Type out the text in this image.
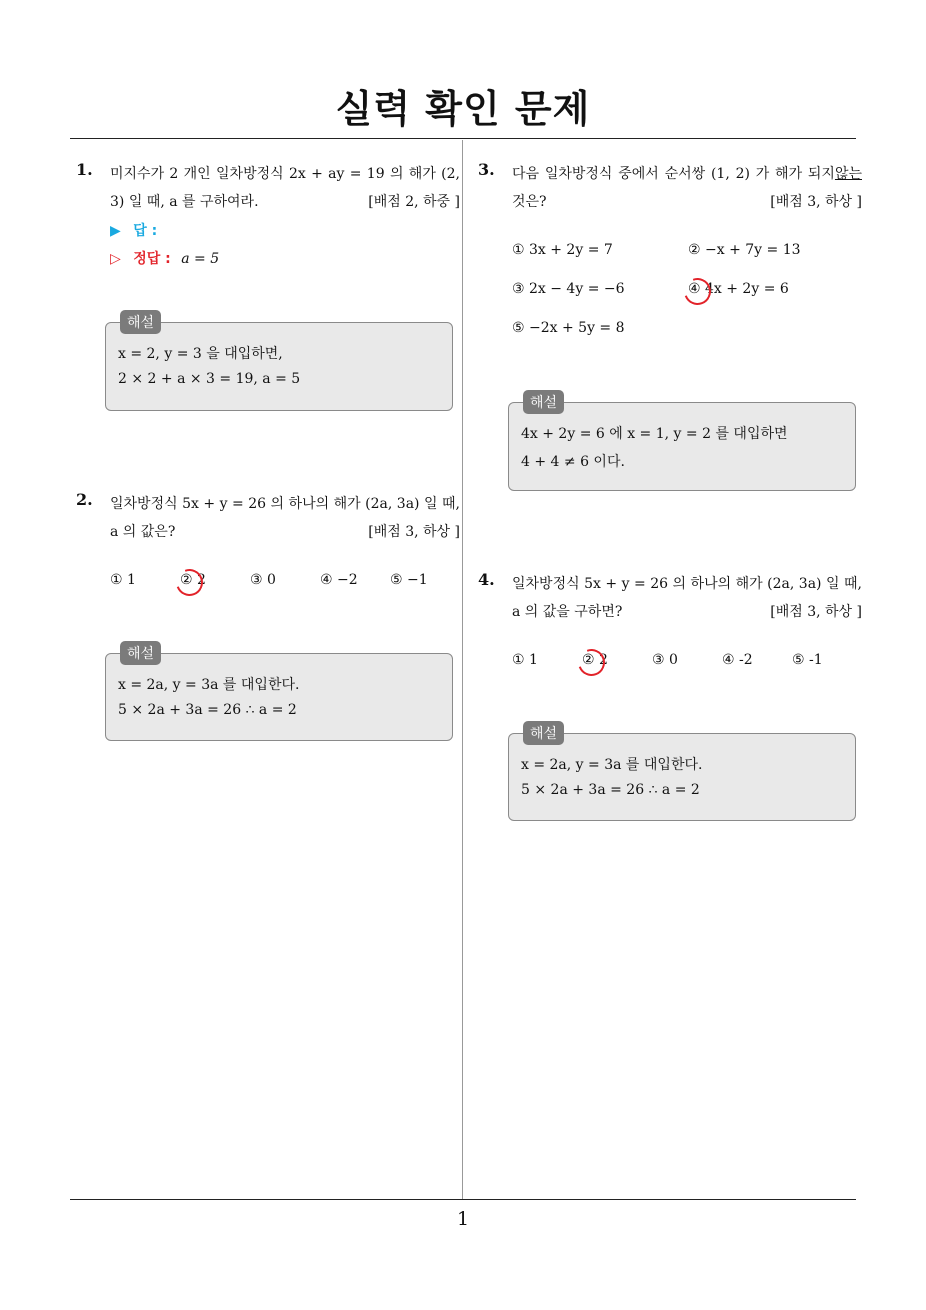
실력 확인 문제
1. 미지수가 2 개인 일차방정식 2x + ay = 19 의 해가 (2, 3) 일 때, a 를 구하여라.	[배점 2, 하중 ]
▶ 답 :
▷ 정답 : a = 5
해설
x = 2, y = 3 을 대입하면,
2 × 2 + a × 3 = 19, a = 5
2. 일차방정식 5x + y = 26 의 하나의 해가 (2a, 3a) 일 때, a 의 값은?	[배점 3, 하상 ]
① 1	② 2	③ 0	④ −2 ⑤ −1
해설
x = 2a, y = 3a 를 대입한다.
5 × 2a + 3a = 26 ∴ a = 2
3. 다음 일차방정식 중에서 순서쌍 (1, 2) 가 해가 되지않는 것은?	[배점 3, 하상 ]
① 3x + 2y = 7	② −x + 7y = 13
③ 2x − 4y = −6	④ 4x + 2y = 6
⑤ −2x + 5y = 8
해설
4x + 2y = 6 에 x = 1, y = 2 를 대입하면
4 + 4 ≠ 6 이다.
4. 일차방정식 5x + y = 26 의 하나의 해가 (2a, 3a) 일 때, a 의 값을 구하면?	[배점 3, 하상 ]
① 1	② 2	③ 0	④ -2	⑤ -1
해설
x = 2a, y = 3a 를 대입한다.
5 × 2a + 3a = 26 ∴ a = 2
1
